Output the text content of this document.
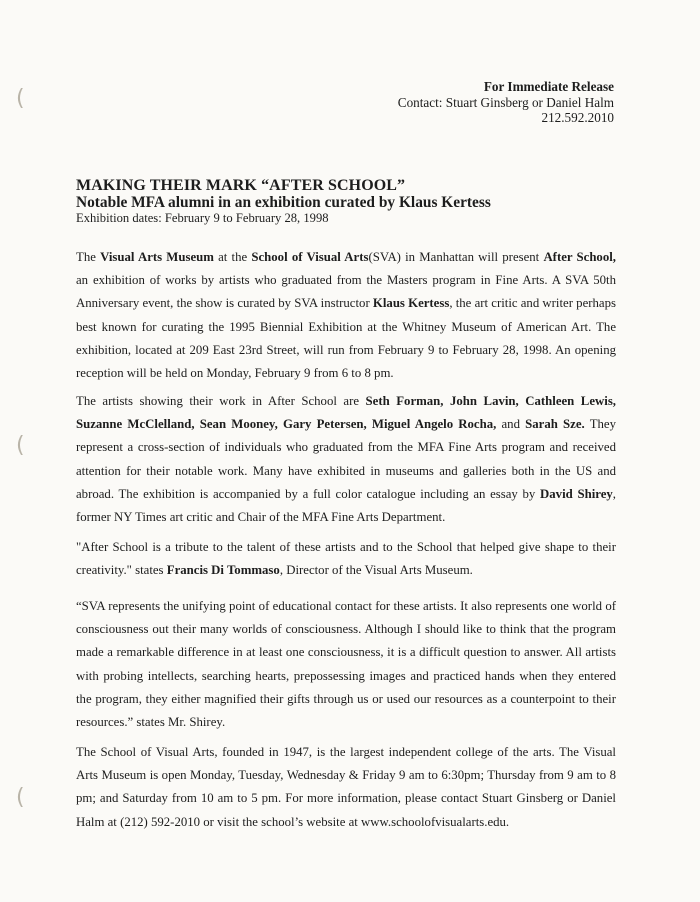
(
(
(
For Immediate Release
Contact: Stuart Ginsberg or Daniel Halm
212.592.2010
MAKING THEIR MARK “AFTER SCHOOL”
Notable MFA alumni in an exhibition curated by Klaus Kertess
Exhibition dates: February 9 to February 28, 1998
The Visual Arts Museum at the School of Visual Arts(SVA) in Manhattan will present After School, an exhibition of works by artists who graduated from the Masters program in Fine Arts. A SVA 50th Anniversary event, the show is curated by SVA instructor Klaus Kertess, the art critic and writer perhaps best known for curating the 1995 Biennial Exhibition at the Whitney Museum of American Art. The exhibition, located at 209 East 23rd Street, will run from February 9 to February 28, 1998. An opening reception will be held on Monday, February 9 from 6 to 8 pm.
The artists showing their work in After School are Seth Forman, John Lavin, Cathleen Lewis, Suzanne McClelland, Sean Mooney, Gary Petersen, Miguel Angelo Rocha, and Sarah Sze. They represent a cross-section of individuals who graduated from the MFA Fine Arts program and received attention for their notable work. Many have exhibited in museums and galleries both in the US and abroad. The exhibition is accompanied by a full color catalogue including an essay by David Shirey, former NY Times art critic and Chair of the MFA Fine Arts Department.
"After School is a tribute to the talent of these artists and to the School that helped give shape to their creativity." states Francis Di Tommaso, Director of the Visual Arts Museum.
“SVA represents the unifying point of educational contact for these artists. It also represents one world of consciousness out their many worlds of consciousness. Although I should like to think that the program made a remarkable difference in at least one consciousness, it is a difficult question to answer. All artists with probing intellects, searching hearts, prepossessing images and practiced hands when they entered the program, they either magnified their gifts through us or used our resources as a counterpoint to their resources.” states Mr. Shirey.
The School of Visual Arts, founded in 1947, is the largest independent college of the arts. The Visual Arts Museum is open Monday, Tuesday, Wednesday & Friday 9 am to 6:30pm; Thursday from 9 am to 8 pm; and Saturday from 10 am to 5 pm. For more information, please contact Stuart Ginsberg or Daniel Halm at (212) 592-2010 or visit the school’s website at www.schoolofvisualarts.edu.
